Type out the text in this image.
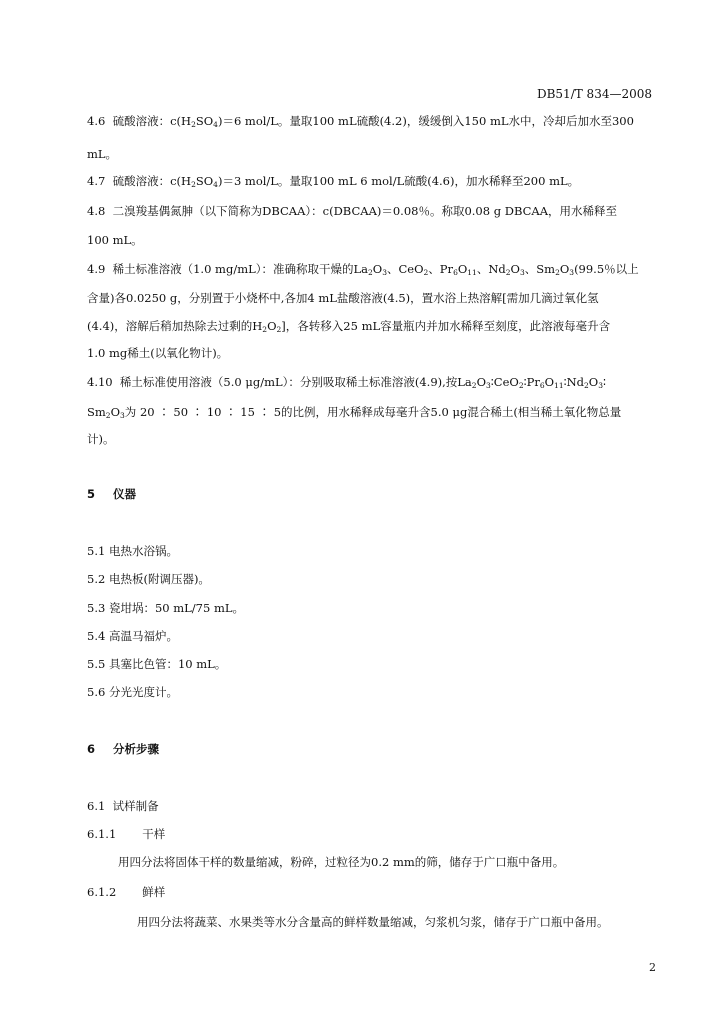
DB51/T 834—2008
4.6 硫酸溶液：$c(H_2SO_4)=6$ mol/L。量取100 mL硫酸(4.2)，缓缓倒入150 mL水中，冷却后加水至300
mL。
4.7 硫酸溶液：$c(H_2SO_4)=3$ mol/L。量取100 mL 6 mol/L硫酸(4.6)，加水稀释至200 mL。
4.8 二溴羧基偶氮胂（以下简称为DBCAA）：c(DBCAA)＝0.08％。称取0.08 g DBCAA，用水稀释至
100 mL。
4.9 稀土标准溶液（1.0 mg/mL）：准确称取干燥的$La_2O_3$、CeO$_2$、$Pr_6O_{11}$、$Nd_2O_3$、$Sm_2O_3(99.5$％以上
含量)各0.0250 g，分别置于小烧杯中,各加4 mL盐酸溶液(4.5)，置水浴上热溶解[需加几滴过氧化氢
(4.4)，溶解后稍加热除去过剩的$H_2O_2$]，各转移入25 mL容量瓶内并加水稀释至刻度，此溶液每毫升含
1.0 mg稀土(以氧化物计)。
4.10 稀土标准使用溶液（5.0 μg/mL）：分别吸取稀土标准溶液(4.9),按$La_2O_3∶CeO_2∶Pr_6O_{11}∶Nd_2O_3∶$
$Sm_2O_3$为 20 ∶ 50 ∶ 10 ∶ 15 ∶ 5的比例，用水稀释成每毫升含5.0 μg混合稀土(相当稀土氧化物总量
计)。
5 仪器
5.1 电热水浴锅。
5.2 电热板(附调压器)。
5.3 瓷坩埚：50 mL/75 mL。
5.4 高温马福炉。
5.5 具塞比色管：10 mL。
5.6 分光光度计。
6 分析步骤
6.1 试样制备
6.1.1 干样
用四分法将固体干样的数量缩减，粉碎，过粒径为0.2 mm的筛，储存于广口瓶中备用。
6.1.2 鲜样
用四分法将蔬菜、水果类等水分含量高的鲜样数量缩减，匀浆机匀浆，储存于广口瓶中备用。
2
